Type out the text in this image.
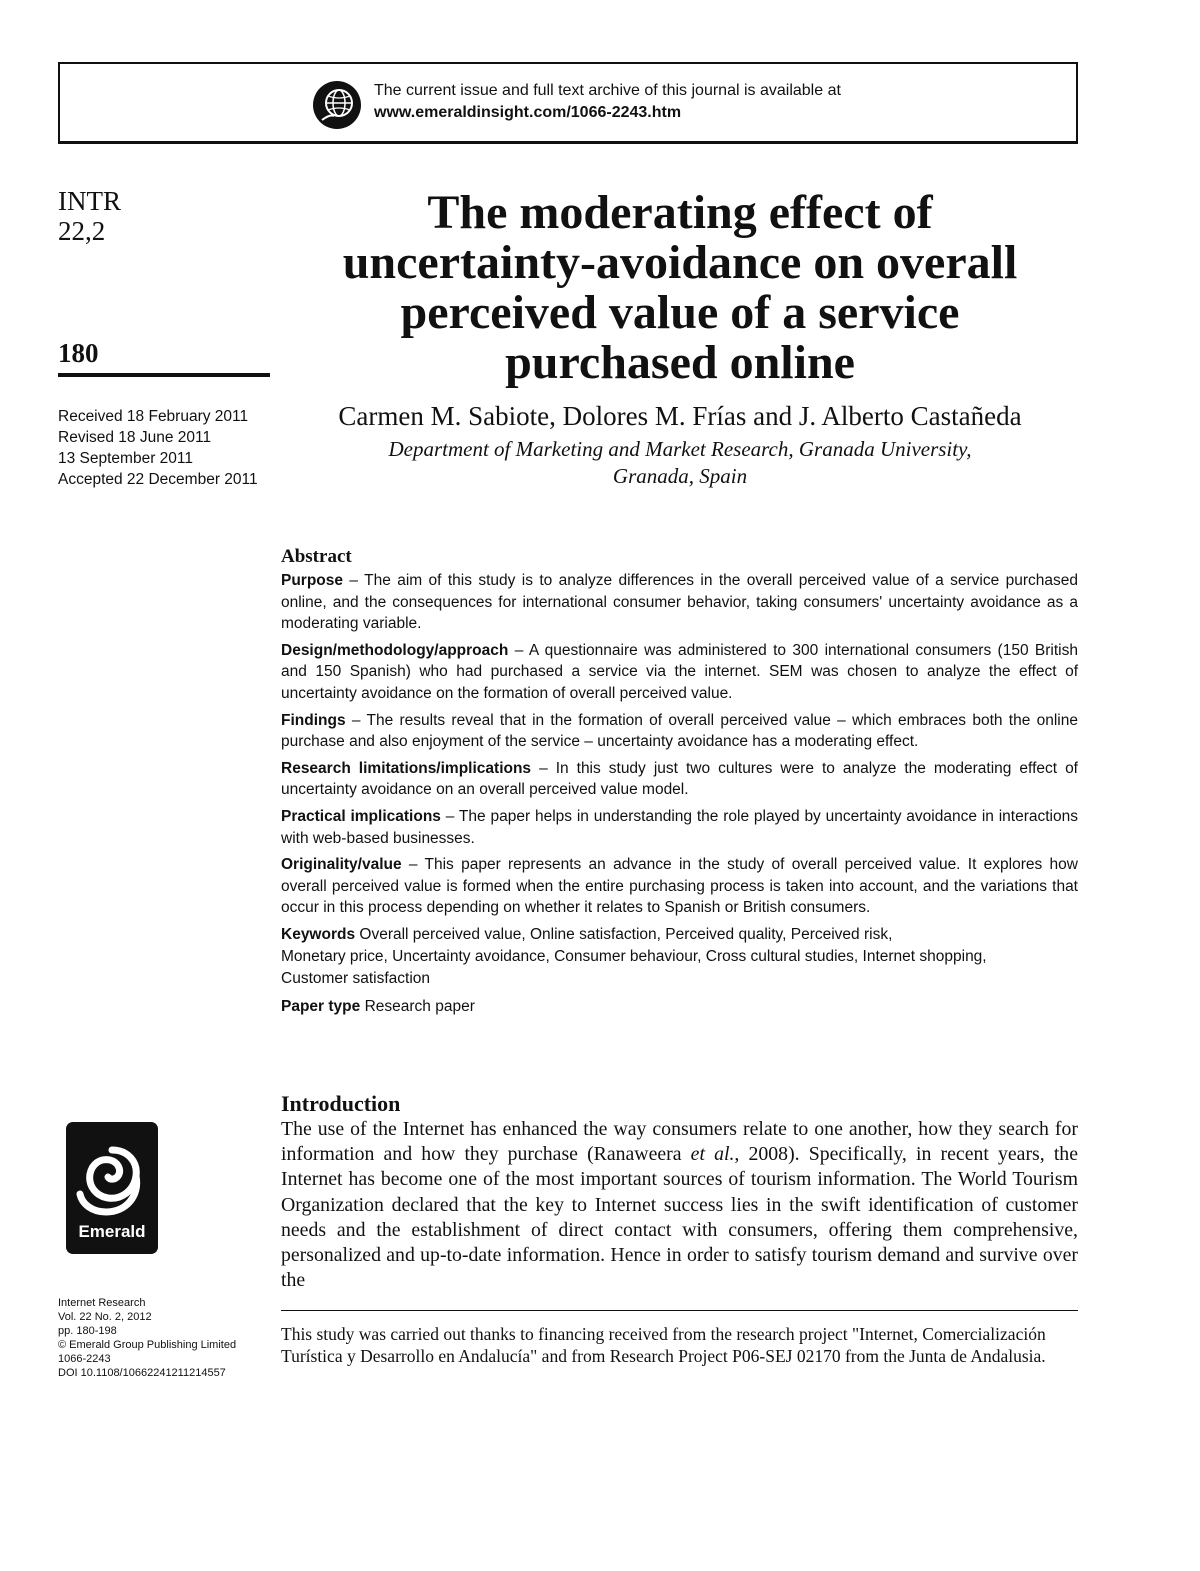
The current issue and full text archive of this journal is available at
www.emeraldinsight.com/1066-2243.htm
INTR
22,2
180
Received 18 February 2011
Revised 18 June 2011
13 September 2011
Accepted 22 December 2011
The moderating effect of
uncertainty-avoidance on overall
perceived value of a service
purchased online
Carmen M. Sabiote, Dolores M. Frías and J. Alberto Castañeda
Department of Marketing and Market Research, Granada University,
Granada, Spain
Abstract

Purpose – The aim of this study is to analyze differences in the overall perceived value of a service purchased online, and the consequences for international consumer behavior, taking consumers' uncertainty avoidance as a moderating variable.

Design/methodology/approach – A questionnaire was administered to 300 international consumers (150 British and 150 Spanish) who had purchased a service via the internet. SEM was chosen to analyze the effect of uncertainty avoidance on the formation of overall perceived value.

Findings – The results reveal that in the formation of overall perceived value – which embraces both the online purchase and also enjoyment of the service – uncertainty avoidance has a moderating effect.

Research limitations/implications – In this study just two cultures were to analyze the moderating effect of uncertainty avoidance on an overall perceived value model.

Practical implications – The paper helps in understanding the role played by uncertainty avoidance in interactions with web-based businesses.

Originality/value – This paper represents an advance in the study of overall perceived value. It explores how overall perceived value is formed when the entire purchasing process is taken into account, and the variations that occur in this process depending on whether it relates to Spanish or British consumers.

Keywords Overall perceived value, Online satisfaction, Perceived quality, Perceived risk,
Monetary price, Uncertainty avoidance, Consumer behaviour, Cross cultural studies, Internet shopping,
Customer satisfaction
Paper type Research paper
Introduction

The use of the Internet has enhanced the way consumers relate to one another, how they search for information and how they purchase (Ranaweera et al., 2008). Specifically, in recent years, the Internet has become one of the most important sources of tourism information. The World Tourism Organization declared that the key to Internet success lies in the swift identification of customer needs and the establishment of direct contact with consumers, offering them comprehensive, personalized and up-to-date information. Hence in order to satisfy tourism demand and survive over the

This study was carried out thanks to financing received from the research project "Internet, Comercialización Turística y Desarrollo en Andalucía" and from Research Project P06-SEJ 02170 from the Junta de Andalusia.

Emerald
Internet Research
Vol. 22 No. 2, 2012
pp. 180-198
© Emerald Group Publishing Limited
1066-2243
DOI 10.1108/10662241211214557
